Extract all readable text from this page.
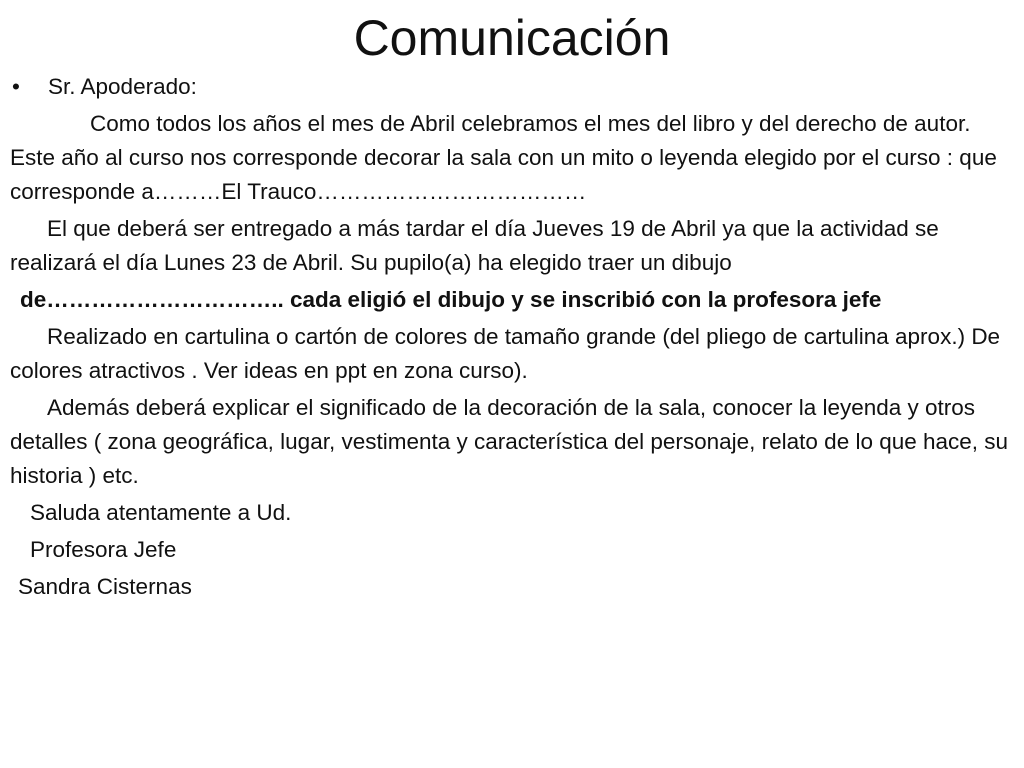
Comunicación

• Sr. Apoderado:

Como todos los años el mes de Abril celebramos el mes del libro y del derecho de autor. Este año al curso nos corresponde decorar la sala con un mito o leyenda elegido por el curso : que corresponde a………El Trauco………………………………

El que deberá ser entregado a más tardar el día Jueves 19 de Abril ya que la actividad se realizará el día Lunes 23 de Abril. Su pupilo(a) ha elegido traer un dibujo

de………………………….. cada eligió el dibujo y se inscribió con la profesora jefe

Realizado en cartulina o cartón de colores de tamaño grande (del pliego de cartulina aprox.) De colores atractivos . Ver ideas en ppt en zona curso).

Además deberá explicar el significado de la decoración de la sala, conocer la leyenda y otros detalles ( zona geográfica, lugar, vestimenta y característica del personaje, relato de lo que hace, su historia ) etc.

Saluda atentamente a Ud.

Profesora Jefe

Sandra Cisternas
